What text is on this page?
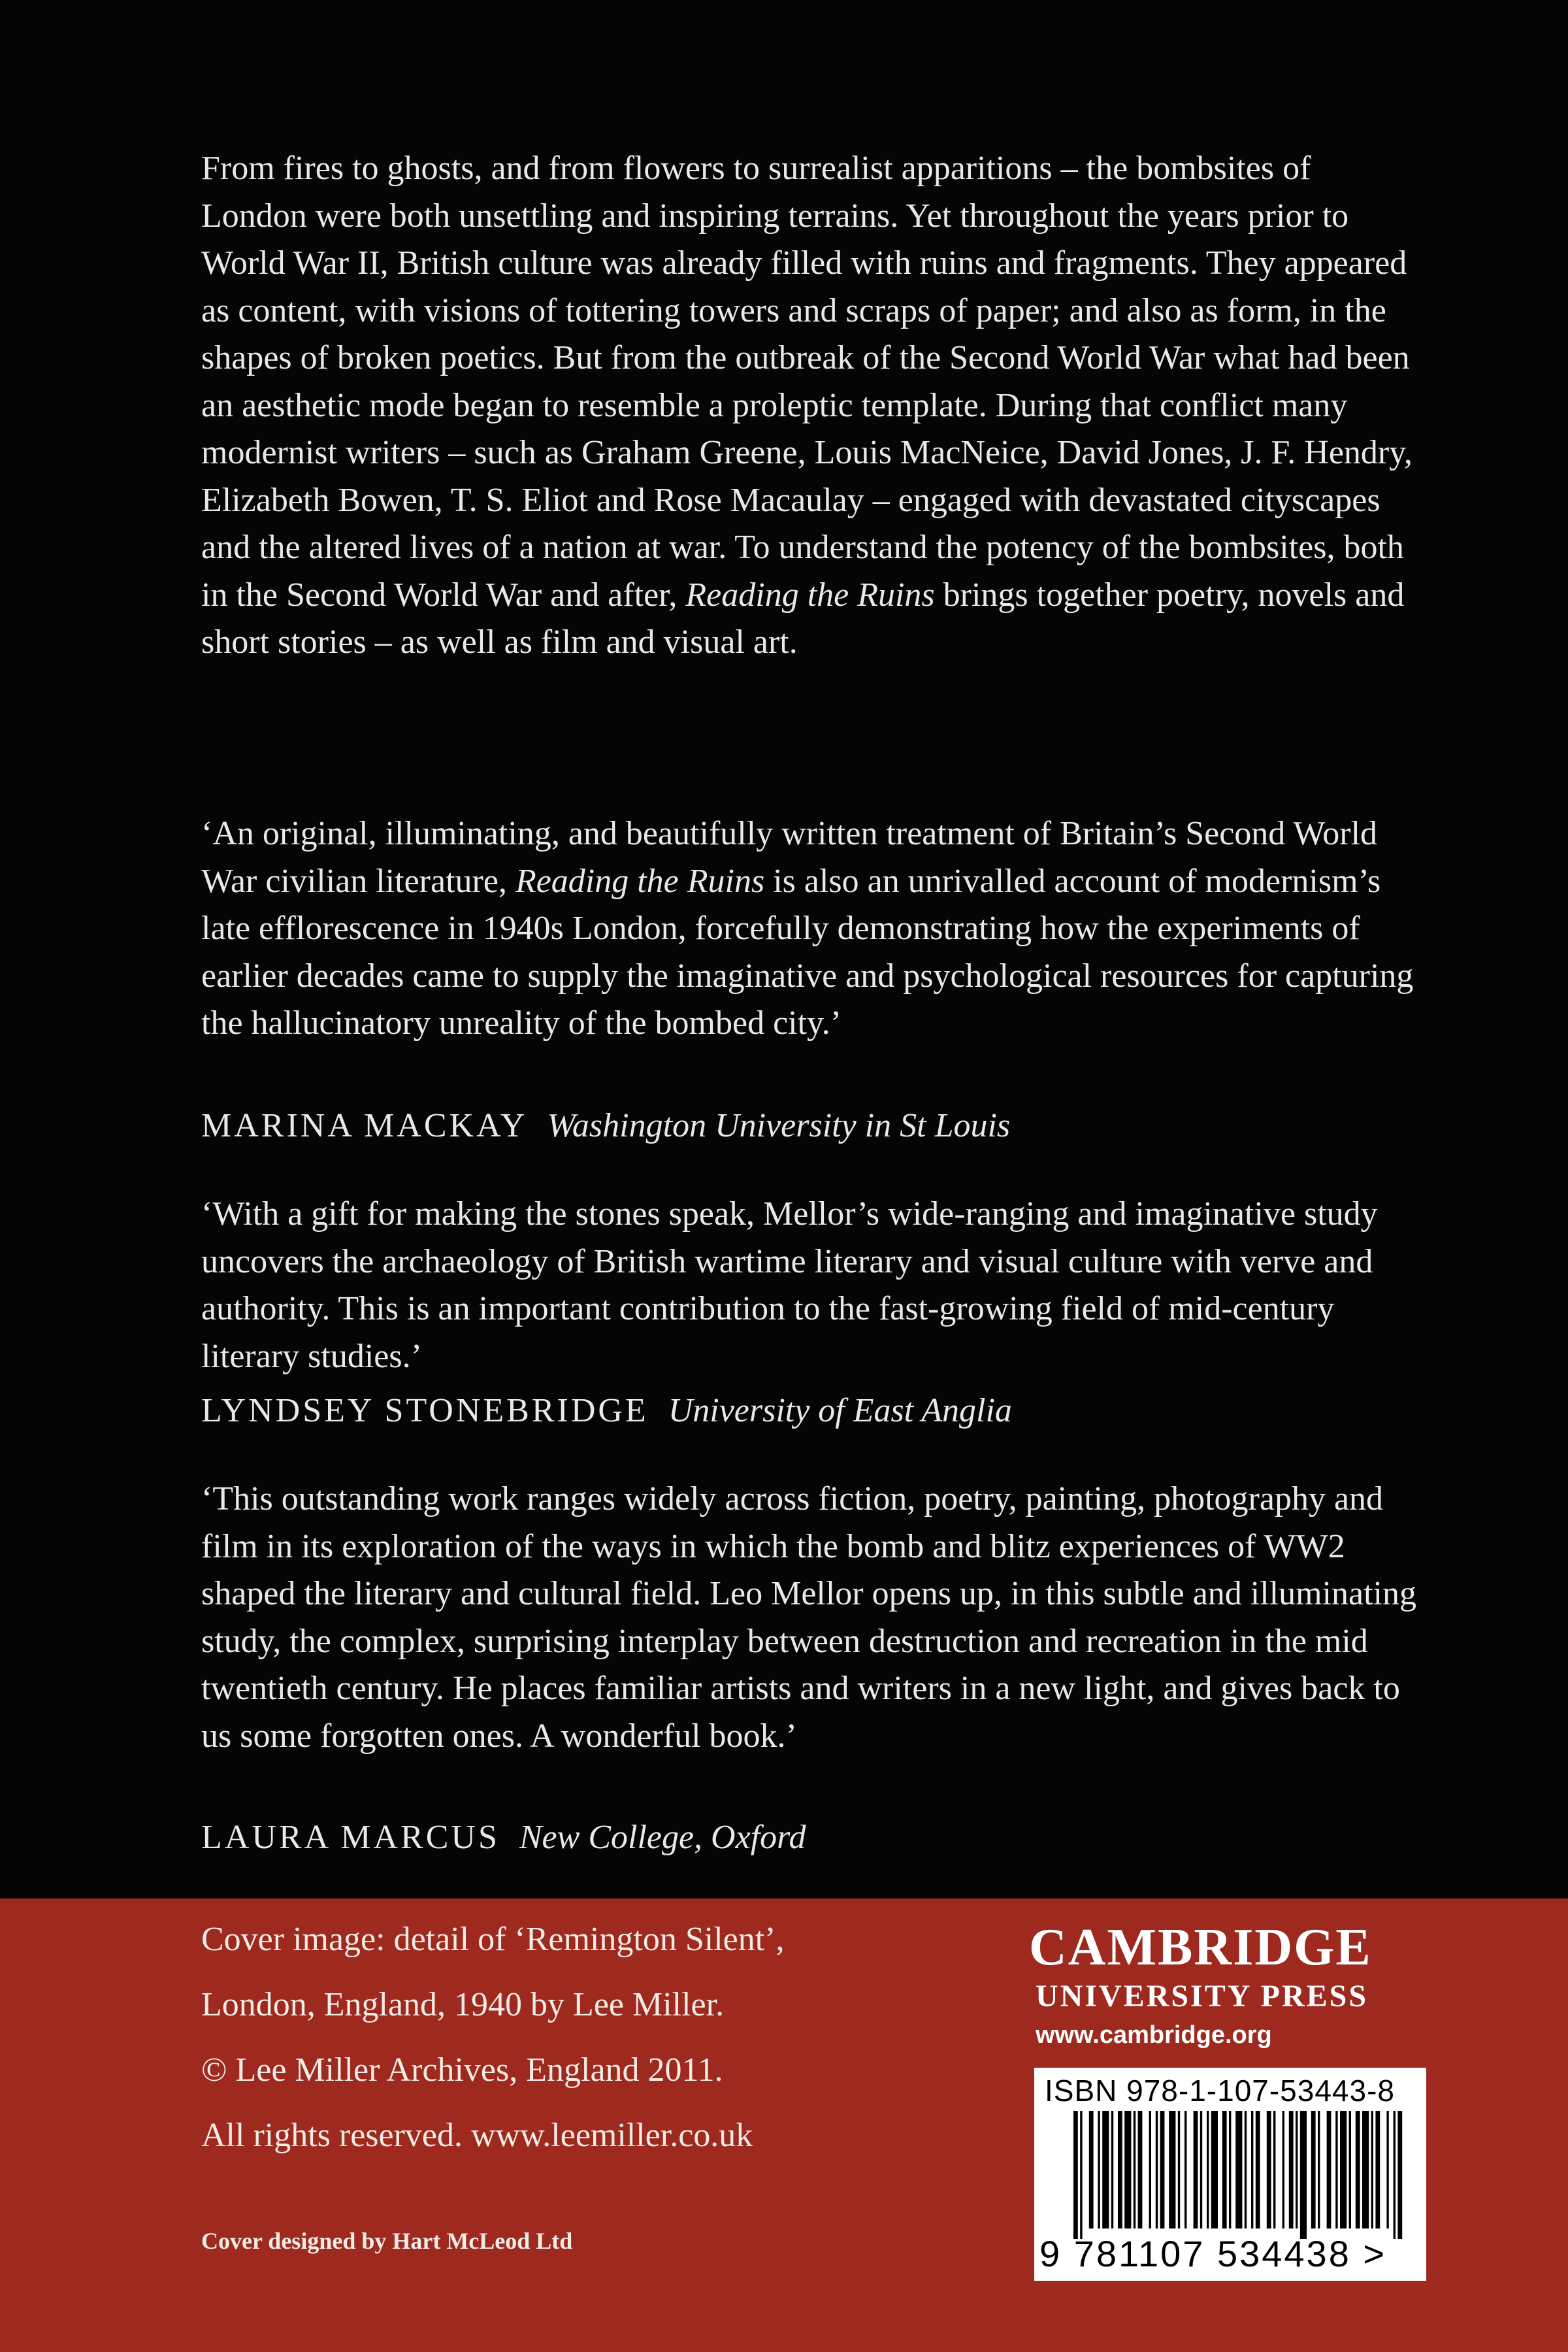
From fires to ghosts, and from flowers to surrealist apparitions – the bombsites of London were both unsettling and inspiring terrains. Yet throughout the years prior to World War II, British culture was already filled with ruins and fragments. They appeared as content, with visions of tottering towers and scraps of paper; and also as form, in the shapes of broken poetics. But from the outbreak of the Second World War what had been an aesthetic mode began to resemble a proleptic template. During that conflict many modernist writers – such as Graham Greene, Louis MacNeice, David Jones, J. F. Hendry, Elizabeth Bowen, T. S. Eliot and Rose Macaulay – engaged with devastated cityscapes and the altered lives of a nation at war. To understand the potency of the bombsites, both in the Second World War and after, Reading the Ruins brings together poetry, novels and short stories – as well as film and visual art.

‘An original, illuminating, and beautifully written treatment of Britain’s Second World War civilian literature, Reading the Ruins is also an unrivalled account of modernism’s late efflorescence in 1940s London, forcefully demonstrating how the experiments of earlier decades came to supply the imaginative and psychological resources for capturing the hallucinatory unreality of the bombed city.’

MARINA MACKAY Washington University in St Louis

‘With a gift for making the stones speak, Mellor’s wide-ranging and imaginative study uncovers the archaeology of British wartime literary and visual culture with verve and authority. This is an important contribution to the fast-growing field of mid-century literary studies.’

LYNDSEY STONEBRIDGE University of East Anglia

‘This outstanding work ranges widely across fiction, poetry, painting, photography and film in its exploration of the ways in which the bomb and blitz experiences of WW2 shaped the literary and cultural field. Leo Mellor opens up, in this subtle and illuminating study, the complex, surprising interplay between destruction and recreation in the mid twentieth century. He places familiar artists and writers in a new light, and gives back to us some forgotten ones. A wonderful book.’

LAURA MARCUS New College, Oxford
Cover image: detail of ‘Remington Silent’,
London, England, 1940 by Lee Miller.
© Lee Miller Archives, England 2011.
All rights reserved. www.leemiller.co.uk
Cover designed by Hart McLeod Ltd
CAMBRIDGE
UNIVERSITY PRESS
www.cambridge.org
ISBN 978-1-107-53443-8
9 781107 534438 >
